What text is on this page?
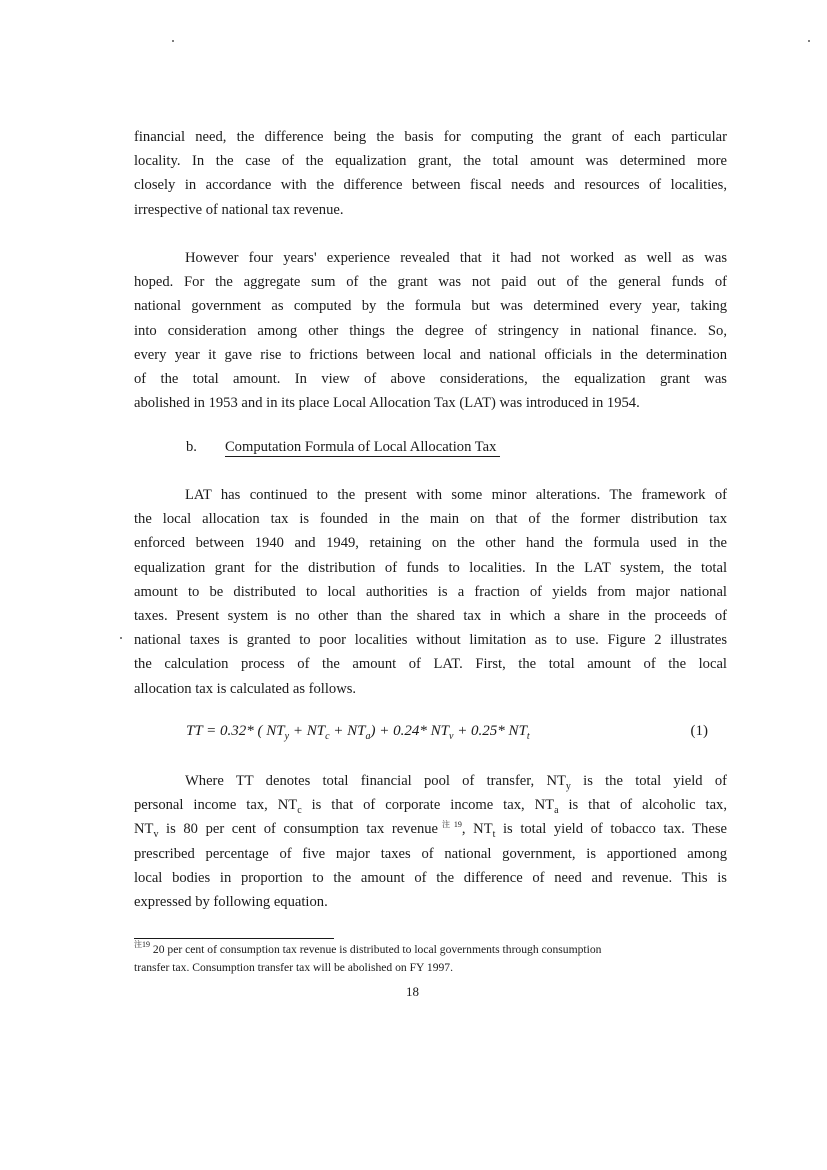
financial need, the difference being the basis for computing the grant of each particular
locality. In the case of the equalization grant, the total amount was determined more
closely in accordance with the difference between fiscal needs and resources of localities,
irrespective of national tax revenue.
However four years' experience revealed that it had not worked as well as was
hoped. For the aggregate sum of the grant was not paid out of the general funds of
national government as computed by the formula but was determined every year, taking
into consideration among other things the degree of stringency in national finance. So,
every year it gave rise to frictions between local and national officials in the determination
of the total amount. In view of above considerations, the equalization grant was
abolished in 1953 and in its place Local Allocation Tax (LAT) was introduced in 1954.
b. Computation Formula of Local Allocation Tax
LAT has continued to the present with some minor alterations. The framework of
the local allocation tax is founded in the main on that of the former distribution tax
enforced between 1940 and 1949, retaining on the other hand the formula used in the
equalization grant for the distribution of funds to localities. In the LAT system, the total
amount to be distributed to local authorities is a fraction of yields from major national
taxes. Present system is no other than the shared tax in which a share in the proceeds of
national taxes is granted to poor localities without limitation as to use. Figure 2 illustrates
the calculation process of the amount of LAT. First, the total amount of the local
allocation tax is calculated as follows.
TT = 0.32* ( $NT_y + NT_c + NT_a) + 0.24*$ $NT_v + 0.25*$ $NT_t$	(1)
Where TT denotes total financial pool of transfer, $NT_y$ is the total yield of
personal income tax, $NT_c$ is that of corporate income tax, $NT_a$ is that of alcoholic tax,
$NT_v$ is 80 per cent of consumption tax revenue$^{注19}$, $NT_t$ is total yield of tobacco tax. These
prescribed percentage of five major taxes of national government, is apportioned among
local bodies in proportion to the amount of the difference of need and revenue. This is
expressed by following equation.
$^{注19}$ 20 per cent of consumption tax revenue is distributed to local governments through consumption
transfer tax. Consumption transfer tax will be abolished on FY 1997.
18
